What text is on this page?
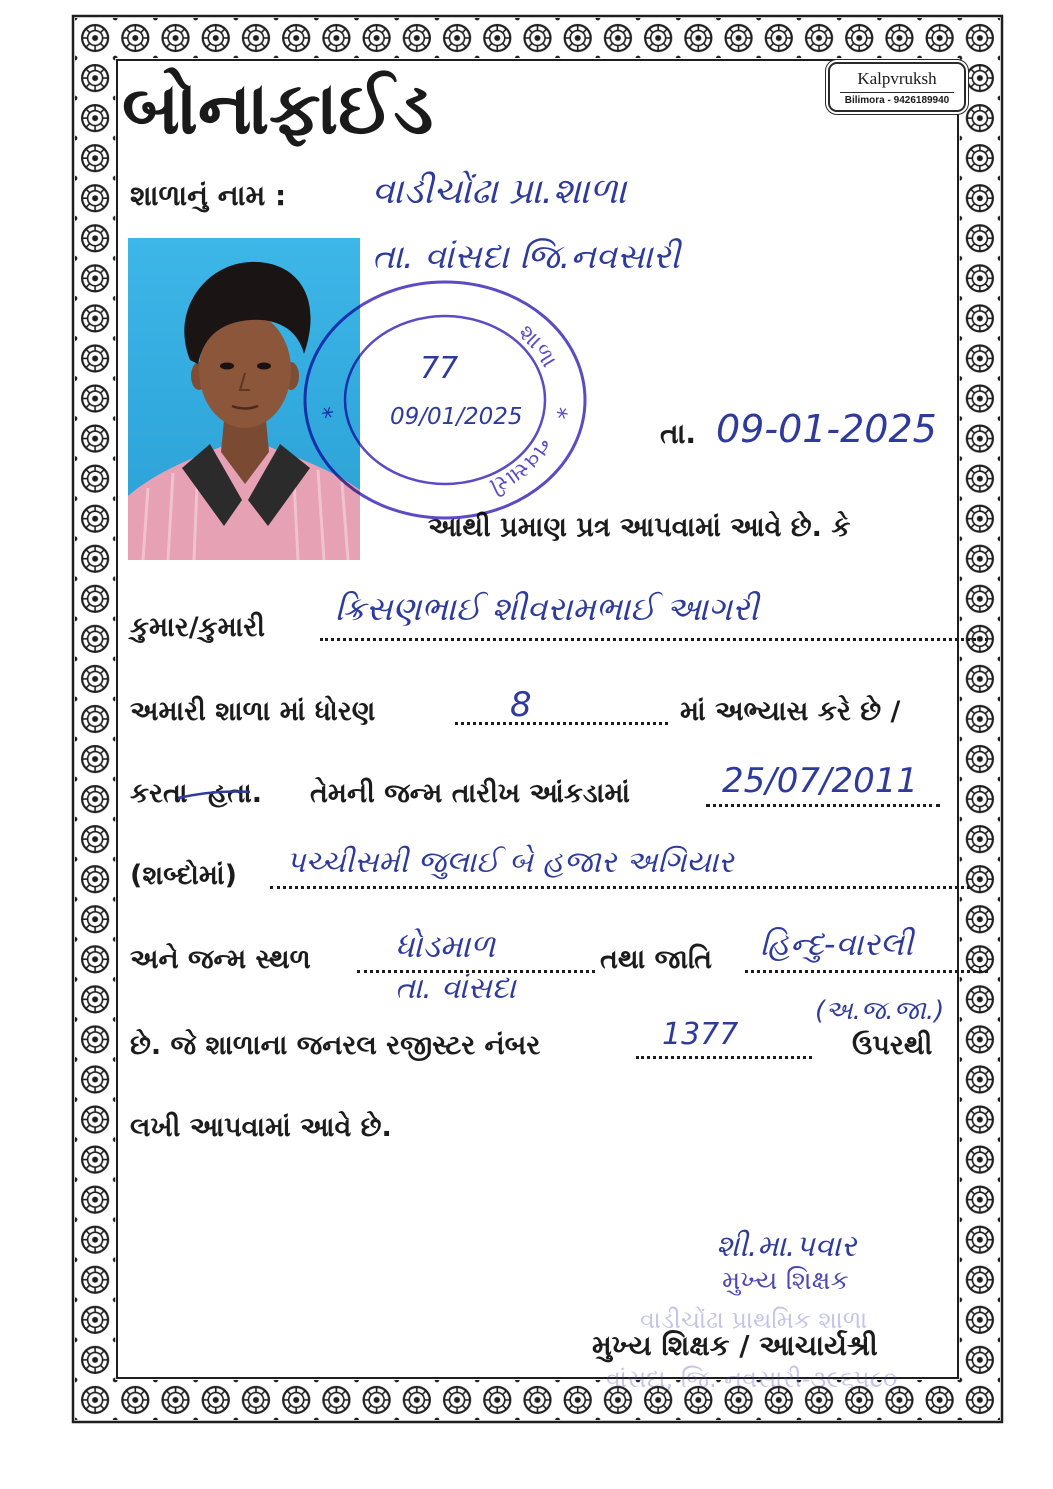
બોનાફાઈડ	Kalpvruksh
Bilimora - 9426189940
શાળાનું નામ : વાડીચોંઢા પ્રા.શાળા
તા. વાંસદા જિ.નવસારી
શાળા
*
નવસારી
*
77
09/01/2025	તા. 09-01-2025
આથી પ્રમાણ પ્રત્ર આપવામાં આવે છે. કે
કુમાર/કુમારી ક્રિસણભાઈ શીવરામભાઈ આગરી
અમારી શાળા માં ધોરણ	8	માં અભ્યાસ કરે છે /
કરતા હતા. તેમની જન્મ તારીખ આંકડામાં	25/07/2011
(શબ્દોમાં) પચ્ચીસમી જુલાઈ બે હજાર અગિયાર
અને જન્મ સ્થળ	ધોડમાળ
તા. વાંસદા
તથા જાતિ હિન્દુ-વારલી
(અ.જ.જા.)
છે. જે શાળાના જનરલ રજીસ્ટર નંબર	1377	ઉપરથી
લખી આપવામાં આવે છે.
શી.મા.પવાર
મુખ્ય શિક્ષક
વાડીચોંઢા પ્રાથમિક શાળા
મુખ્ય શિક્ષક / આચાર્યશ્રી
વાંસદા, જિ. નવસારી-૩૯૬૫૮૦
